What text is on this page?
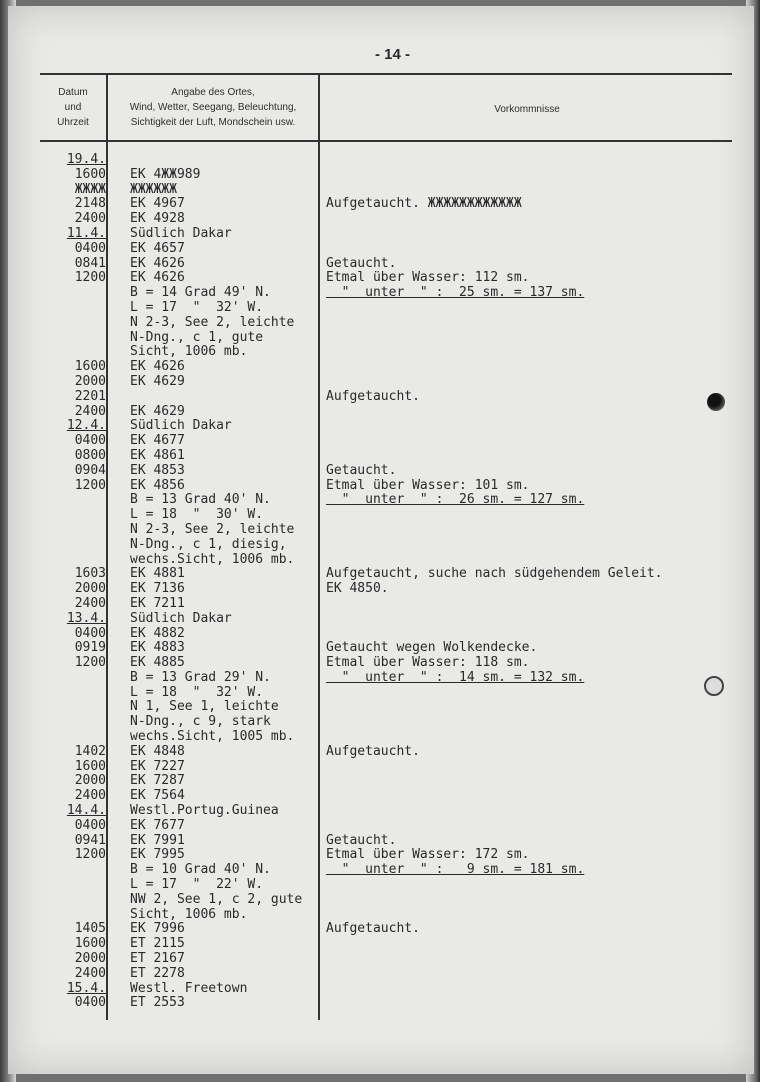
- 14 -
Datum
und
Uhrzeit
Angabe des Ortes,
Wind, Wetter, Seegang, Beleuchtung,
Sichtigkeit der Luft, Mondschein usw.
Vorkommnisse
19.4.
1600
ЖЖЖЖ
2148
2400
11.4.
0400
0841
1200
1600
2000
2201
2400
12.4.
0400
0800
0904
1200
1603
2000
2400
13.4.
0400
0919
1200
1402
1600
2000
2400
14.4.
0400
0941
1200
1405
1600
2000
2400
15.4.
0400
EK 4ЖЖ989
ЖЖЖЖЖЖ
EK 4967
EK 4928
Südlich Dakar
EK 4657
EK 4626
EK 4626
B = 14 Grad 49' N.
L = 17  "  32' W.
N 2-3, See 2, leichte
N-Dng., c 1, gute
Sicht, 1006 mb.
EK 4626
EK 4629
EK 4629
Südlich Dakar
EK 4677
EK 4861
EK 4853
EK 4856
B = 13 Grad 40' N.
L = 18  "  30' W.
N 2-3, See 2, leichte
N-Dng., c 1, diesig,
wechs.Sicht, 1006 mb.
EK 4881
EK 7136
EK 7211
Südlich Dakar
EK 4882
EK 4883
EK 4885
B = 13 Grad 29' N.
L = 18  "  32' W.
N 1, See 1, leichte
N-Dng., c 9, stark
wechs.Sicht, 1005 mb.
EK 4848
EK 7227
EK 7287
EK 7564
Westl.Portug.Guinea
EK 7677
EK 7991
EK 7995
B = 10 Grad 40' N.
L = 17  "  22' W.
NW 2, See 1, c 2, gute
Sicht, 1006 mb.
EK 7996
ET 2115
ET 2167
ET 2278
Westl. Freetown
ET 2553
Aufgetaucht. ЖЖЖЖЖЖЖЖЖЖЖЖ
Getaucht.
Etmal über Wasser: 112 sm.
"  unter  " :  25 sm. = 137 sm.
Aufgetaucht.
Getaucht.
Etmal über Wasser: 101 sm.
"  unter  " :  26 sm. = 127 sm.
Aufgetaucht, suche nach südgehendem Geleit.
EK 4850.
Getaucht wegen Wolkendecke.
Etmal über Wasser: 118 sm.
"  unter  " :  14 sm. = 132 sm.
Aufgetaucht.
Getaucht.
Etmal über Wasser: 172 sm.
"  unter  " :   9 sm. = 181 sm.
Aufgetaucht.
